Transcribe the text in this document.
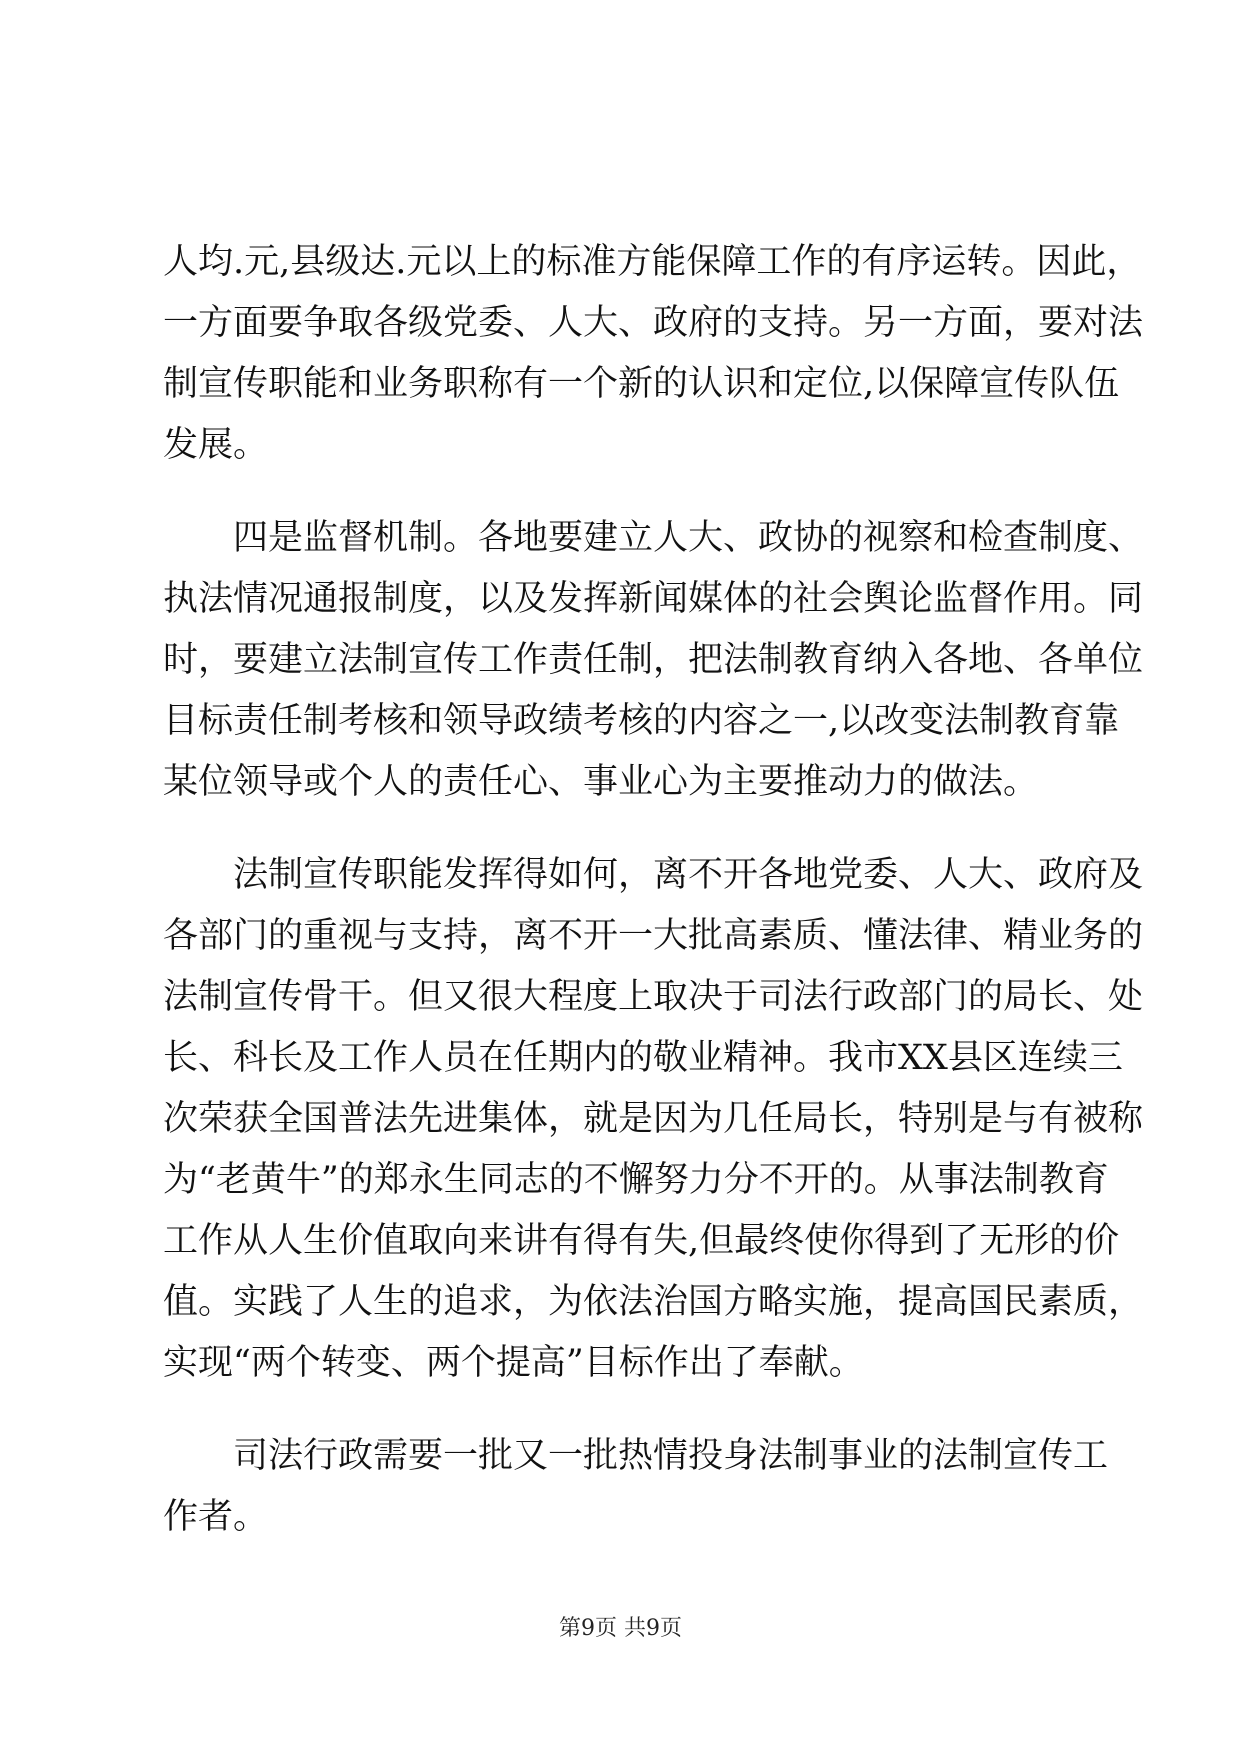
人均.元,县级达.元以上的标准方能保障工作的有序运转。因此，
一方面要争取各级党委、人大、政府的支持。另一方面，要对法
制宣传职能和业务职称有一个新的认识和定位,以保障宣传队伍
发展。
四是监督机制。各地要建立人大、政协的视察和检查制度、
执法情况通报制度，以及发挥新闻媒体的社会舆论监督作用。同
时，要建立法制宣传工作责任制，把法制教育纳入各地、各单位
目标责任制考核和领导政绩考核的内容之一,以改变法制教育靠
某位领导或个人的责任心、事业心为主要推动力的做法。
法制宣传职能发挥得如何，离不开各地党委、人大、政府及
各部门的重视与支持，离不开一大批高素质、懂法律、精业务的
法制宣传骨干。但又很大程度上取决于司法行政部门的局长、处
长、科长及工作人员在任期内的敬业精神。我市XX县区连续三
次荣获全国普法先进集体，就是因为几任局长，特别是与有被称
为“老黄牛”的郑永生同志的不懈努力分不开的。从事法制教育
工作从人生价值取向来讲有得有失,但最终使你得到了无形的价
值。实践了人生的追求，为依法治国方略实施，提高国民素质，
实现“两个转变、两个提高”目标作出了奉献。
司法行政需要一批又一批热情投身法制事业的法制宣传工
作者。
第9页 共9页
